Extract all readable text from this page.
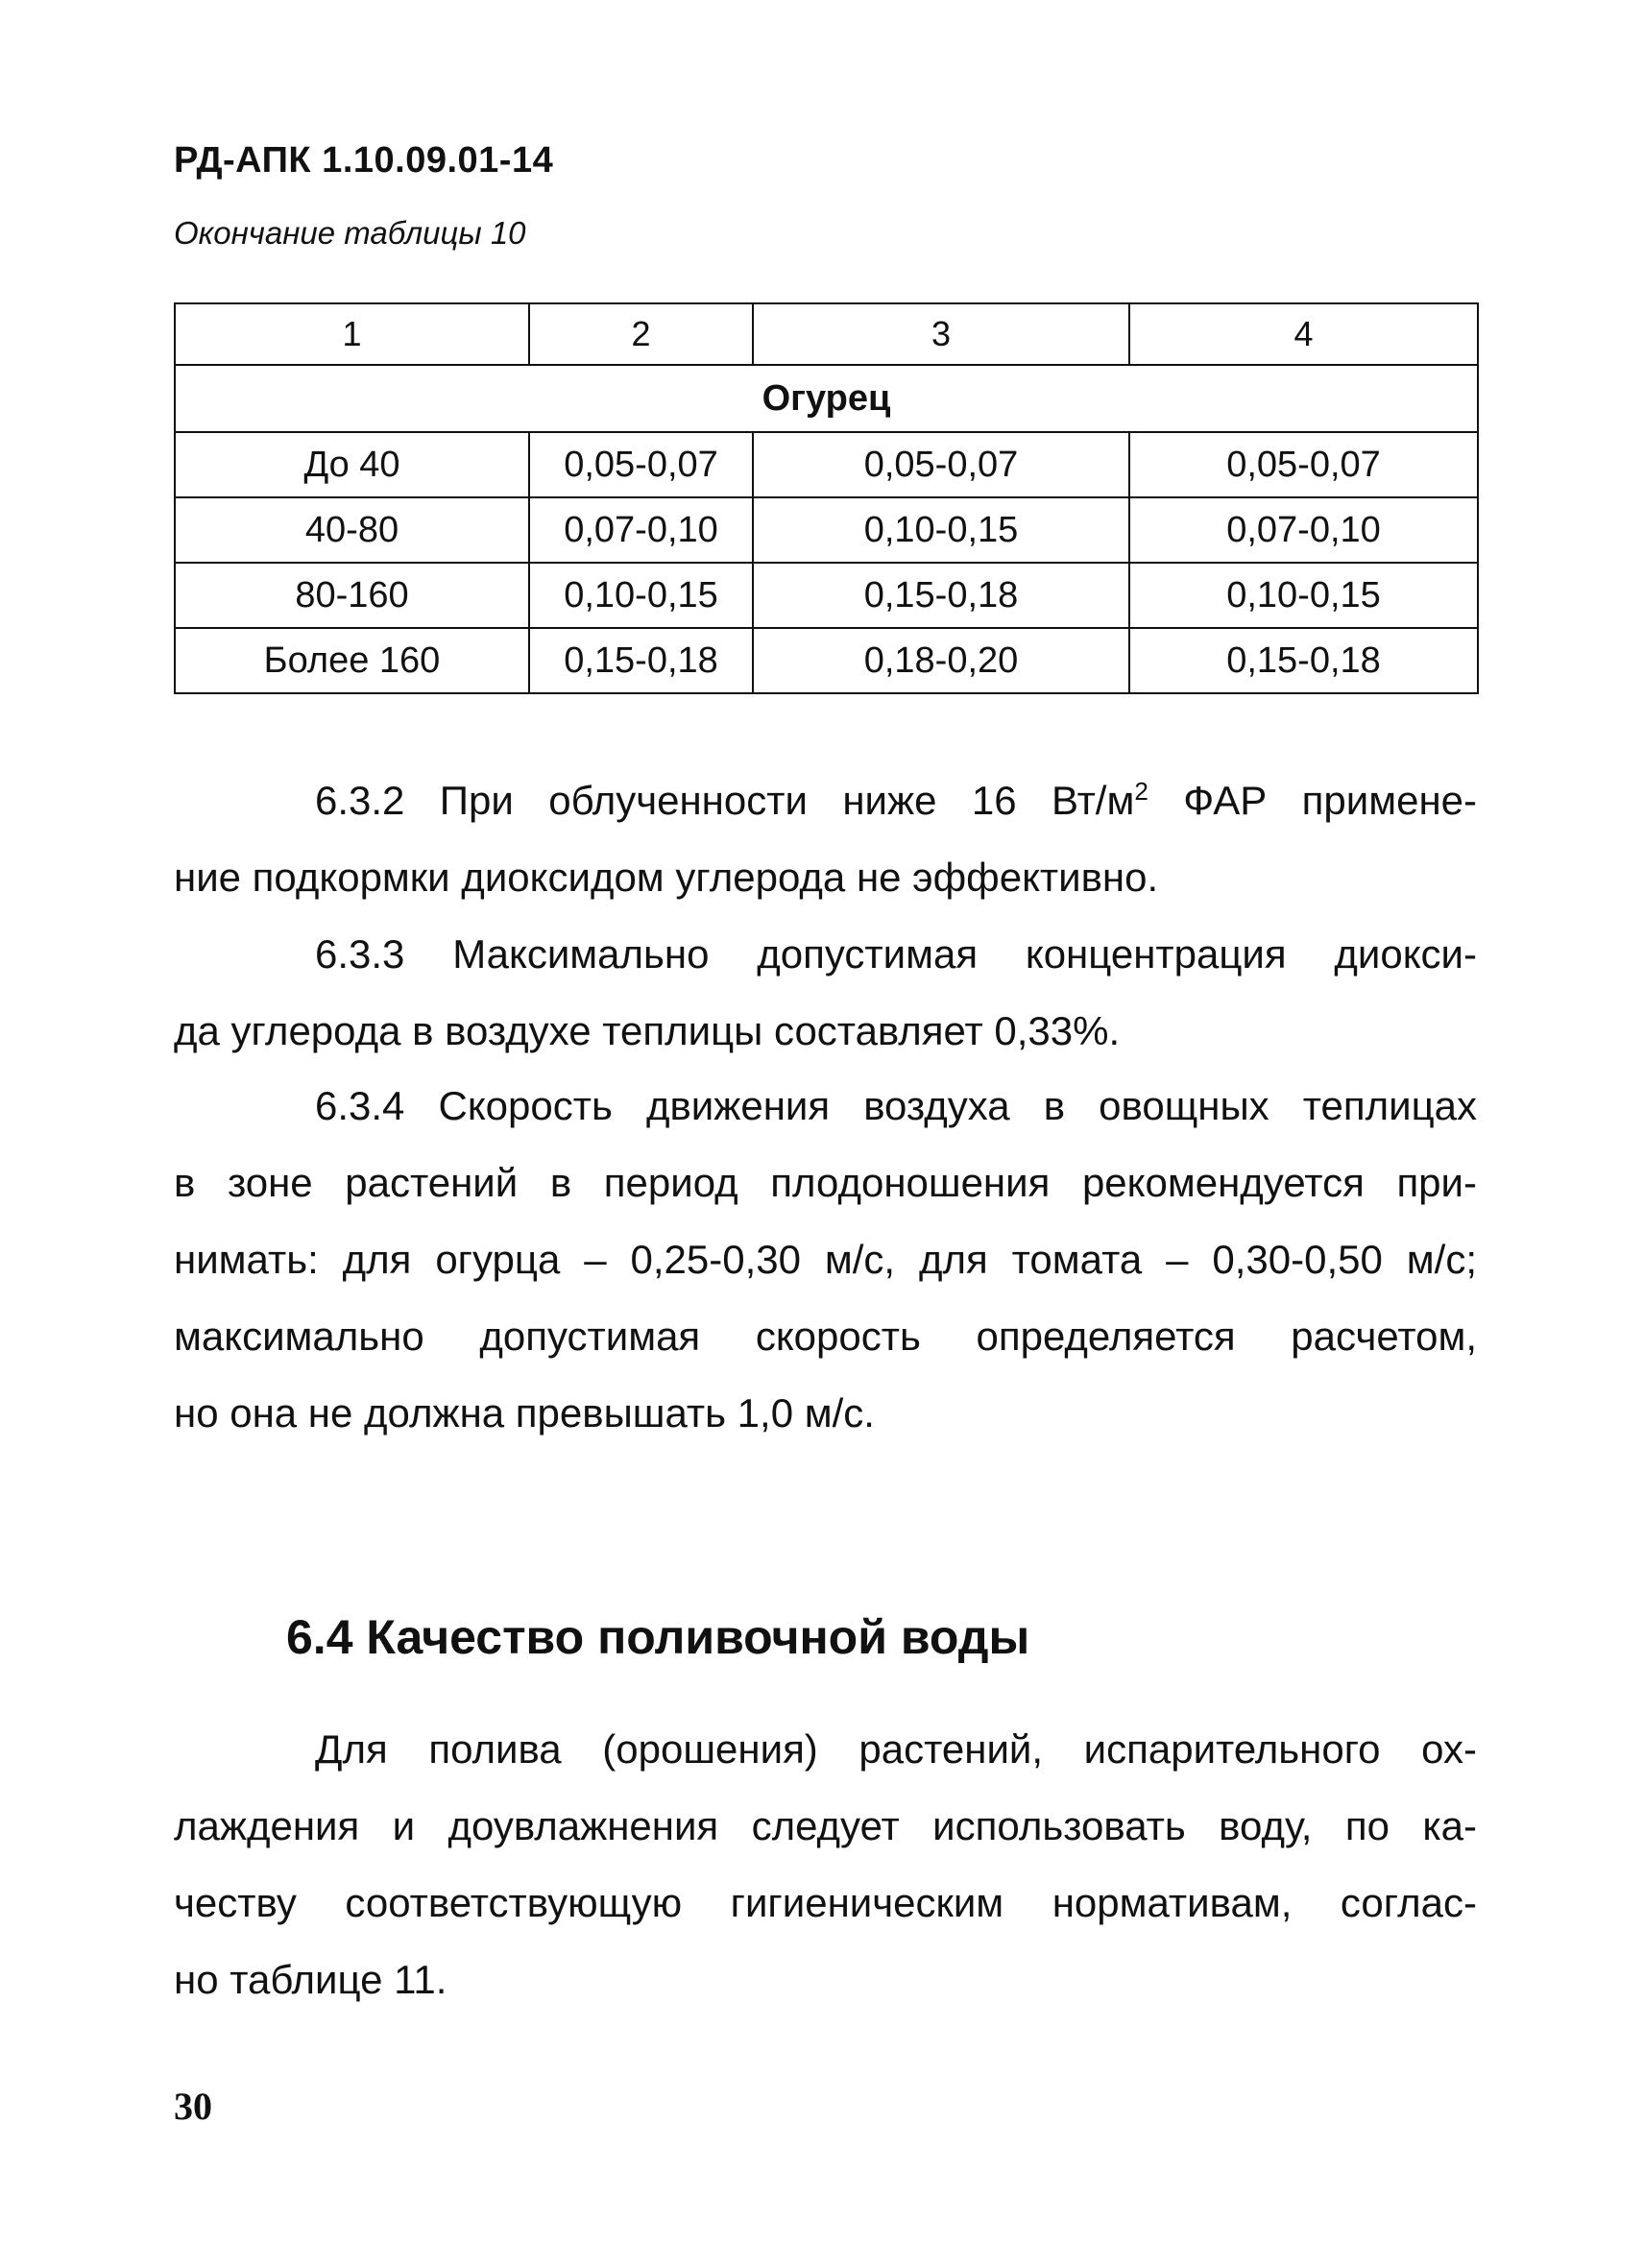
РД-АПК 1.10.09.01-14
Окончание таблицы 10
1	2	3	4
Огурец			
До 40	0,05-0,07	0,05-0,07	0,05-0,07
40-80	0,07-0,10	0,10-0,15	0,07-0,10
80-160	0,10-0,15	0,15-0,18	0,10-0,15
Более 160	0,15-0,18	0,18-0,20	0,15-0,18
6.3.2 При облученности ниже 16 $Вт/м^2$ ФАР примене-
ние подкормки диоксидом углерода не эффективно.
6.3.3 Максимально допустимая концентрация диокси-
да углерода в воздухе теплицы составляет 0,33%.
6.3.4 Скорость движения воздуха в овощных теплицах
в зоне растений в период плодоношения рекомендуется при-
нимать: для огурца – 0,25-0,30 м/с, для томата – 0,30-0,50 м/с;
максимально допустимая скорость определяется расчетом,
но она не должна превышать 1,0 м/с.
6.4 Качество поливочной воды
Для полива (орошения) растений, испарительного ох-
лаждения и доувлажнения следует использовать воду, по ка-
честву соответствующую гигиеническим нормативам, соглас-
но таблице 11.
30
